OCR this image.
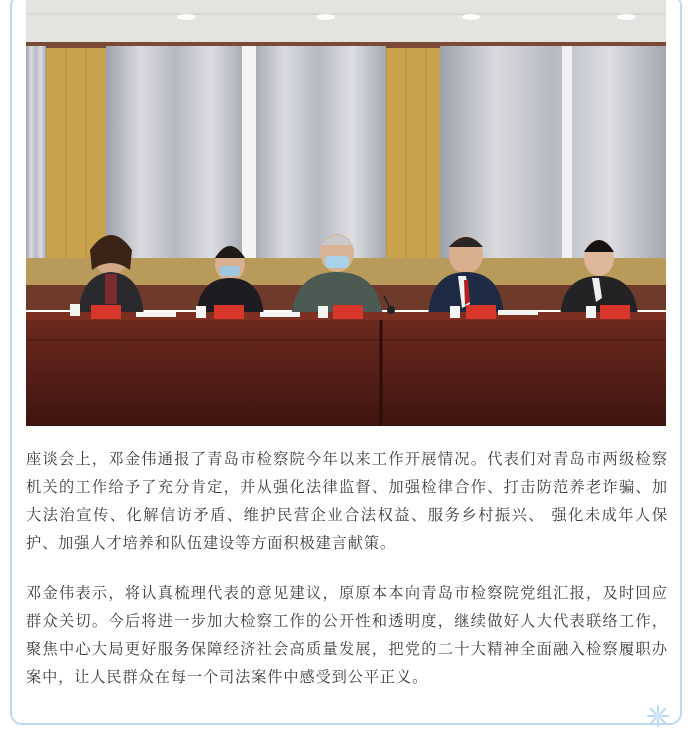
座谈会上，邓金伟通报了青岛市检察院今年以来工作开展情况。代表们对青岛市两级检察机关的工作给予了充分肯定，并从强化法律监督、加强检律合作、打击防范养老诈骗、加大法治宣传、化解信访矛盾、维护民营企业合法权益、服务乡村振兴、 强化未成年人保护、加强人才培养和队伍建设等方面积极建言献策。

邓金伟表示，将认真梳理代表的意见建议，原原本本向青岛市检察院党组汇报，及时回应群众关切。今后将进一步加大检察工作的公开性和透明度，继续做好人大代表联络工作，聚焦中心大局更好服务保障经济社会高质量发展，把党的二十大精神全面融入检察履职办案中，让人民群众在每一个司法案件中感受到公平正义。
